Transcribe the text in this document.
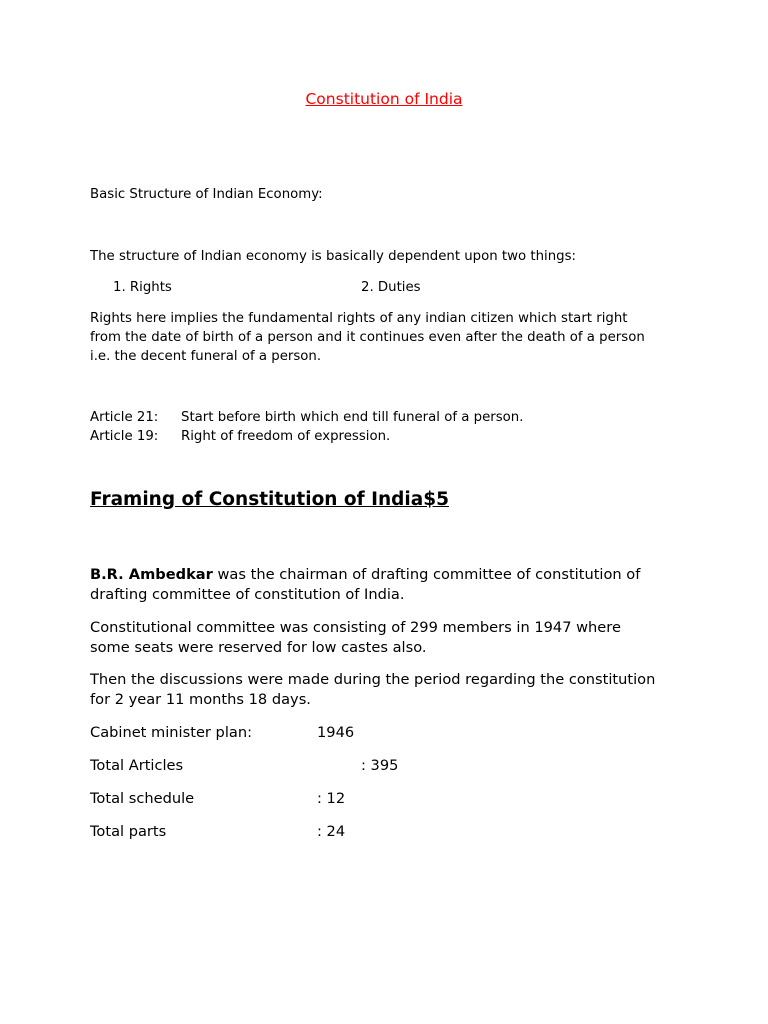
Constitution of India
Basic Structure of Indian Economy:
The structure of Indian economy is basically dependent upon two things:
1. Rights	2. Duties
Rights here implies the fundamental rights of any indian citizen which start right
from the date of birth of a person and it continues even after the death of a person
i.e. the decent funeral of a person.
Article 21: Start before birth which end till funeral of a person.
Article 19: Right of freedom of expression.
Framing of Constitution of India$5
B.R. Ambedkar was the chairman of drafting committee of constitution of
drafting committee of constitution of India.
Constitutional committee was consisting of 299 members in 1947 where
some seats were reserved for low castes also.
Then the discussions were made during the period regarding the constitution
for 2 year 11 months 18 days.
Cabinet minister plan:	1946
Total Articles	: 395
Total schedule	: 12
Total parts	: 24
